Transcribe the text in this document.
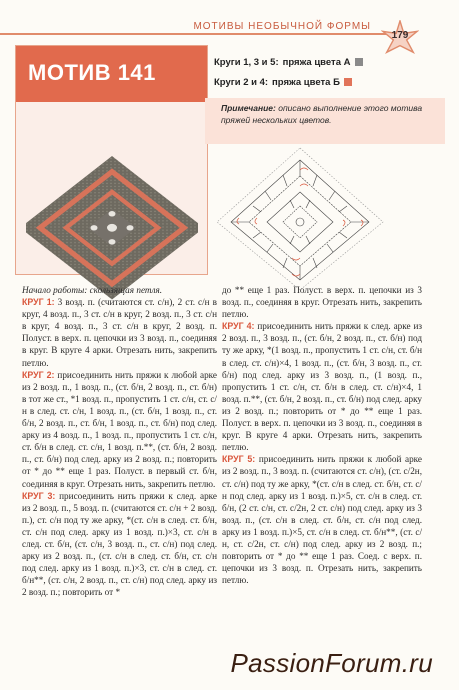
МОТИВЫ НЕОБЫЧНОЙ ФОРМЫ
179
МОТИВ 141	Круги 1, 3 и 5: пряжа цвета А
Круги 2 и 4: пряжа цвета Б
Примечание: описано выполнение этого мотива пряжей нескольких цветов.

Начало работы: скользящая петля.

КРУГ 1: 3 возд. п. (считаются ст. с/н), 2 ст. с/н в круг, 4 возд. п., 3 ст. с/н в круг, 2 возд. п., 3 ст. с/н в круг, 4 возд. п., 3 ст. с/н в круг, 2 возд. п. Полуст. в верх. п. цепочки из 3 возд. п., соединяя в круг. В круге 4 арки. Отрезать нить, закрепить петлю.

КРУГ 2: присоединить нить пряжи к любой арке из 2 возд. п., 1 возд. п., (ст. б/н, 2 возд. п., ст. б/н) в тот же ст., *1 возд. п., пропустить 1 ст. с/н, ст. с/н в след. ст. с/н, 1 возд. п., (ст. б/н, 1 возд. п., ст. б/н, 2 возд. п., ст. б/н, 1 возд. п., ст. б/н) под след. арку из 4 возд. п., 1 возд. п., пропустить 1 ст. с/н, ст. б/н в след. ст. с/н, 1 возд. п.**, (ст. б/н, 2 возд. п., ст. б/н) под след. арку из 2 возд. п.; повторить от * до ** еще 1 раз. Полуст. в первый ст. б/н, соединяя в круг. Отрезать нить, закрепить петлю.

КРУГ 3: присоединить нить пряжи к след. арке из 2 возд. п., 5 возд. п. (считаются ст. с/н + 2 возд. п.), ст. с/н под ту же арку, *(ст. с/н в след. ст. б/н, ст. с/н под след. арку из 1 возд. п.)×3, ст. с/н в след. ст. б/н, (ст. с/н, 3 возд. п., ст. с/н) под след. арку из 2 возд. п., (ст. с/н в след. ст. б/н, ст. с/н под след. арку из 1 возд. п.)×3, ст. с/н в след. ст. б/н**, (ст. с/н, 2 возд. п., ст. с/н) под след. арку из 2 возд. п.; повторить от *

до ** еще 1 раз. Полуст. в верх. п. цепочки из 3 возд. п., соединяя в круг. Отрезать нить, закрепить петлю.

КРУГ 4: присоединить нить пряжи к след. арке из 2 возд. п., 3 возд. п., (ст. б/н, 2 возд. п., ст. б/н) под ту же арку, *(1 возд. п., пропустить 1 ст. с/н, ст. б/н в след. ст. с/н)×4, 1 возд. п., (ст. б/н, 3 возд. п., ст. б/н) под след. арку из 3 возд. п., (1 возд. п., пропустить 1 ст. с/н, ст. б/н в след. ст. с/н)×4, 1 возд. п.**, (ст. б/н, 2 возд. п., ст. б/н) под след. арку из 2 возд. п.; повторить от * до ** еще 1 раз. Полуст. в верх. п. цепочки из 3 возд. п., соединяя в круг. В круге 4 арки. Отрезать нить, закрепить петлю.

КРУГ 5: присоединить нить пряжи к любой арке из 2 возд. п., 3 возд. п. (считаются ст. с/н), (ст. с/2н, ст. с/н) под ту же арку, *(ст. с/н в след. ст. б/н, ст. с/н под след. арку из 1 возд. п.)×5, ст. с/н в след. ст. б/н, (2 ст. с/н, ст. с/2н, 2 ст. с/н) под след. арку из 3 возд. п., (ст. с/н в след. ст. б/н, ст. с/н под след. арку из 1 возд. п.)×5, ст. с/н в след. ст. б/н**, (ст. с/н, ст. с/2н, ст. с/н) под след. арку из 2 возд. п.; повторить от * до ** еще 1 раз. Соед. с верх. п. цепочки из 3 возд. п. Отрезать нить, закрепить петлю.

PassionForum.ru
